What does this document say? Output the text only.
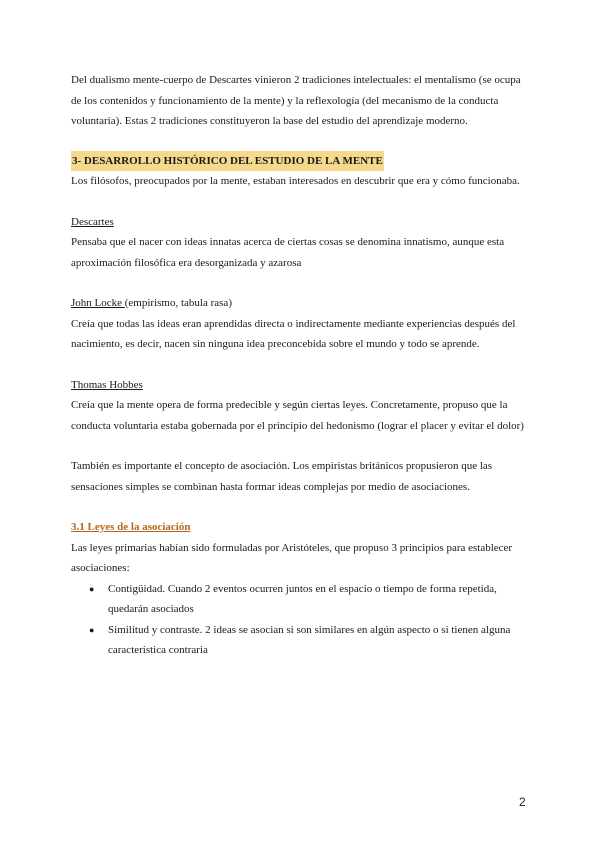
Del dualismo mente-cuerpo de Descartes vinieron 2 tradiciones intelectuales: el mentalismo (se ocupa de los contenidos y funcionamiento de la mente) y la reflexología (del mecanismo de la conducta voluntaria). Estas 2 tradiciones constituyeron la base del estudio del aprendizaje moderno.

3- DESARROLLO HISTÓRICO DEL ESTUDIO DE LA MENTE

Los filósofos, preocupados por la mente, estaban interesados en descubrir que era y cómo funcionaba.

Descartes

Pensaba que el nacer con ideas innatas acerca de ciertas cosas se denomina innatismo, aunque esta aproximación filosófica era desorganizada y azarosa

John Locke (empirismo, tabula rasa)

Creía que todas las ideas eran aprendidas directa o indirectamente mediante experiencias después del nacimiento, es decir, nacen sin ninguna idea preconcebida sobre el mundo y todo se aprende.

Thomas Hobbes

Creía que la mente opera de forma predecible y según ciertas leyes. Concretamente, propuso que la conducta voluntaria estaba gobernada por el principio del hedonismo (lograr el placer y evitar el dolor)

También es importante el concepto de asociación. Los empiristas británicos propusieron que las sensaciones simples se combinan hasta formar ideas complejas por medio de asociaciones.

3.1 Leyes de la asociación

Las leyes primarias habían sido formuladas por Aristóteles, que propuso 3 principios para establecer asociaciones:

● Contigüidad. Cuando 2 eventos ocurren juntos en el espacio o tiempo de forma repetida, quedarán asociados
● Similitud y contraste. 2 ideas se asocian si son similares en algún aspecto o si tienen alguna característica contraria
2
